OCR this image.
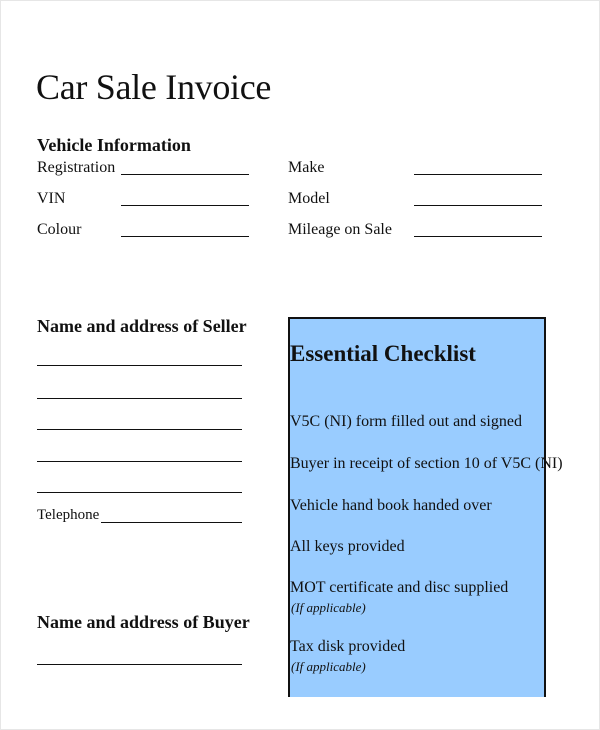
Car Sale Invoice
Vehicle Information
Registration
VIN
Colour
Make
Model
Mileage on Sale
Name and address of Seller
Telephone
Name and address of Buyer
Essential Checklist
V5C (NI) form filled out and signed
Buyer in receipt of section 10 of V5C (NI)
Vehicle hand book handed over
All keys provided
MOT certificate and disc supplied
(If applicable)
Tax disk provided
(If applicable)
